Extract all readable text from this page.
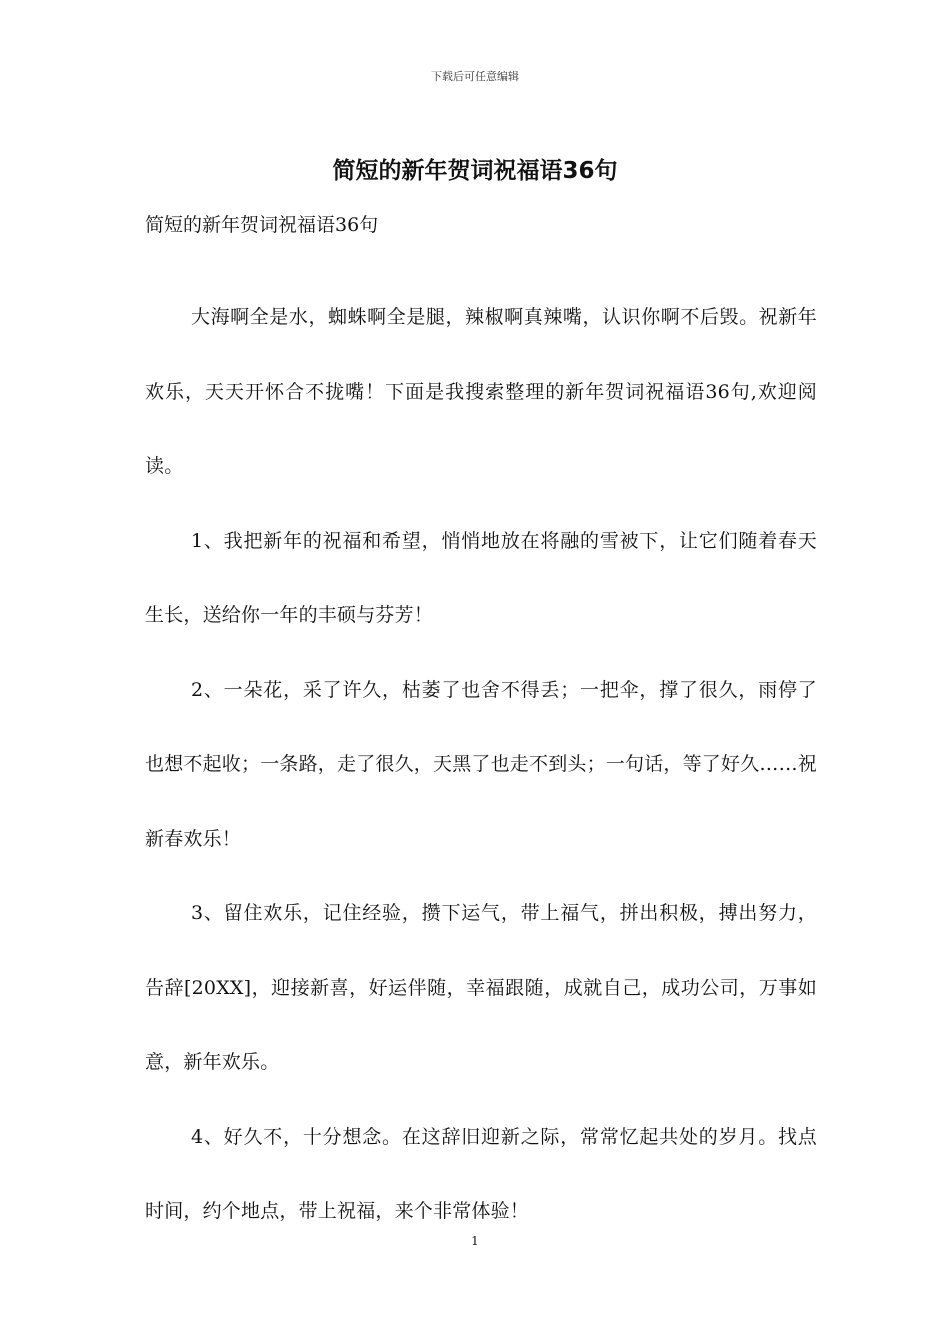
下载后可任意编辑
简短的新年贺词祝福语36句

简短的新年贺词祝福语36句

大海啊全是水，蜘蛛啊全是腿，辣椒啊真辣嘴，认识你啊不后毁。祝新年欢乐，天天开怀合不拢嘴！下面是我搜索整理的新年贺词祝福语36句,欢迎阅读。

1、我把新年的祝福和希望，悄悄地放在将融的雪被下，让它们随着春天生长，送给你一年的丰硕与芬芳！

2、一朵花，采了许久，枯萎了也舍不得丢；一把伞，撑了很久，雨停了也想不起收；一条路，走了很久，天黑了也走不到头；一句话，等了好久……祝新春欢乐！

3、留住欢乐，记住经验，攒下运气，带上福气，拼出积极，搏出努力，告辞[20XX]，迎接新喜，好运伴随，幸福跟随，成就自己，成功公司，万事如意，新年欢乐。

4、好久不，十分想念。在这辞旧迎新之际，常常忆起共处的岁月。找点时间，约个地点，带上祝福，来个非常体验！

1
